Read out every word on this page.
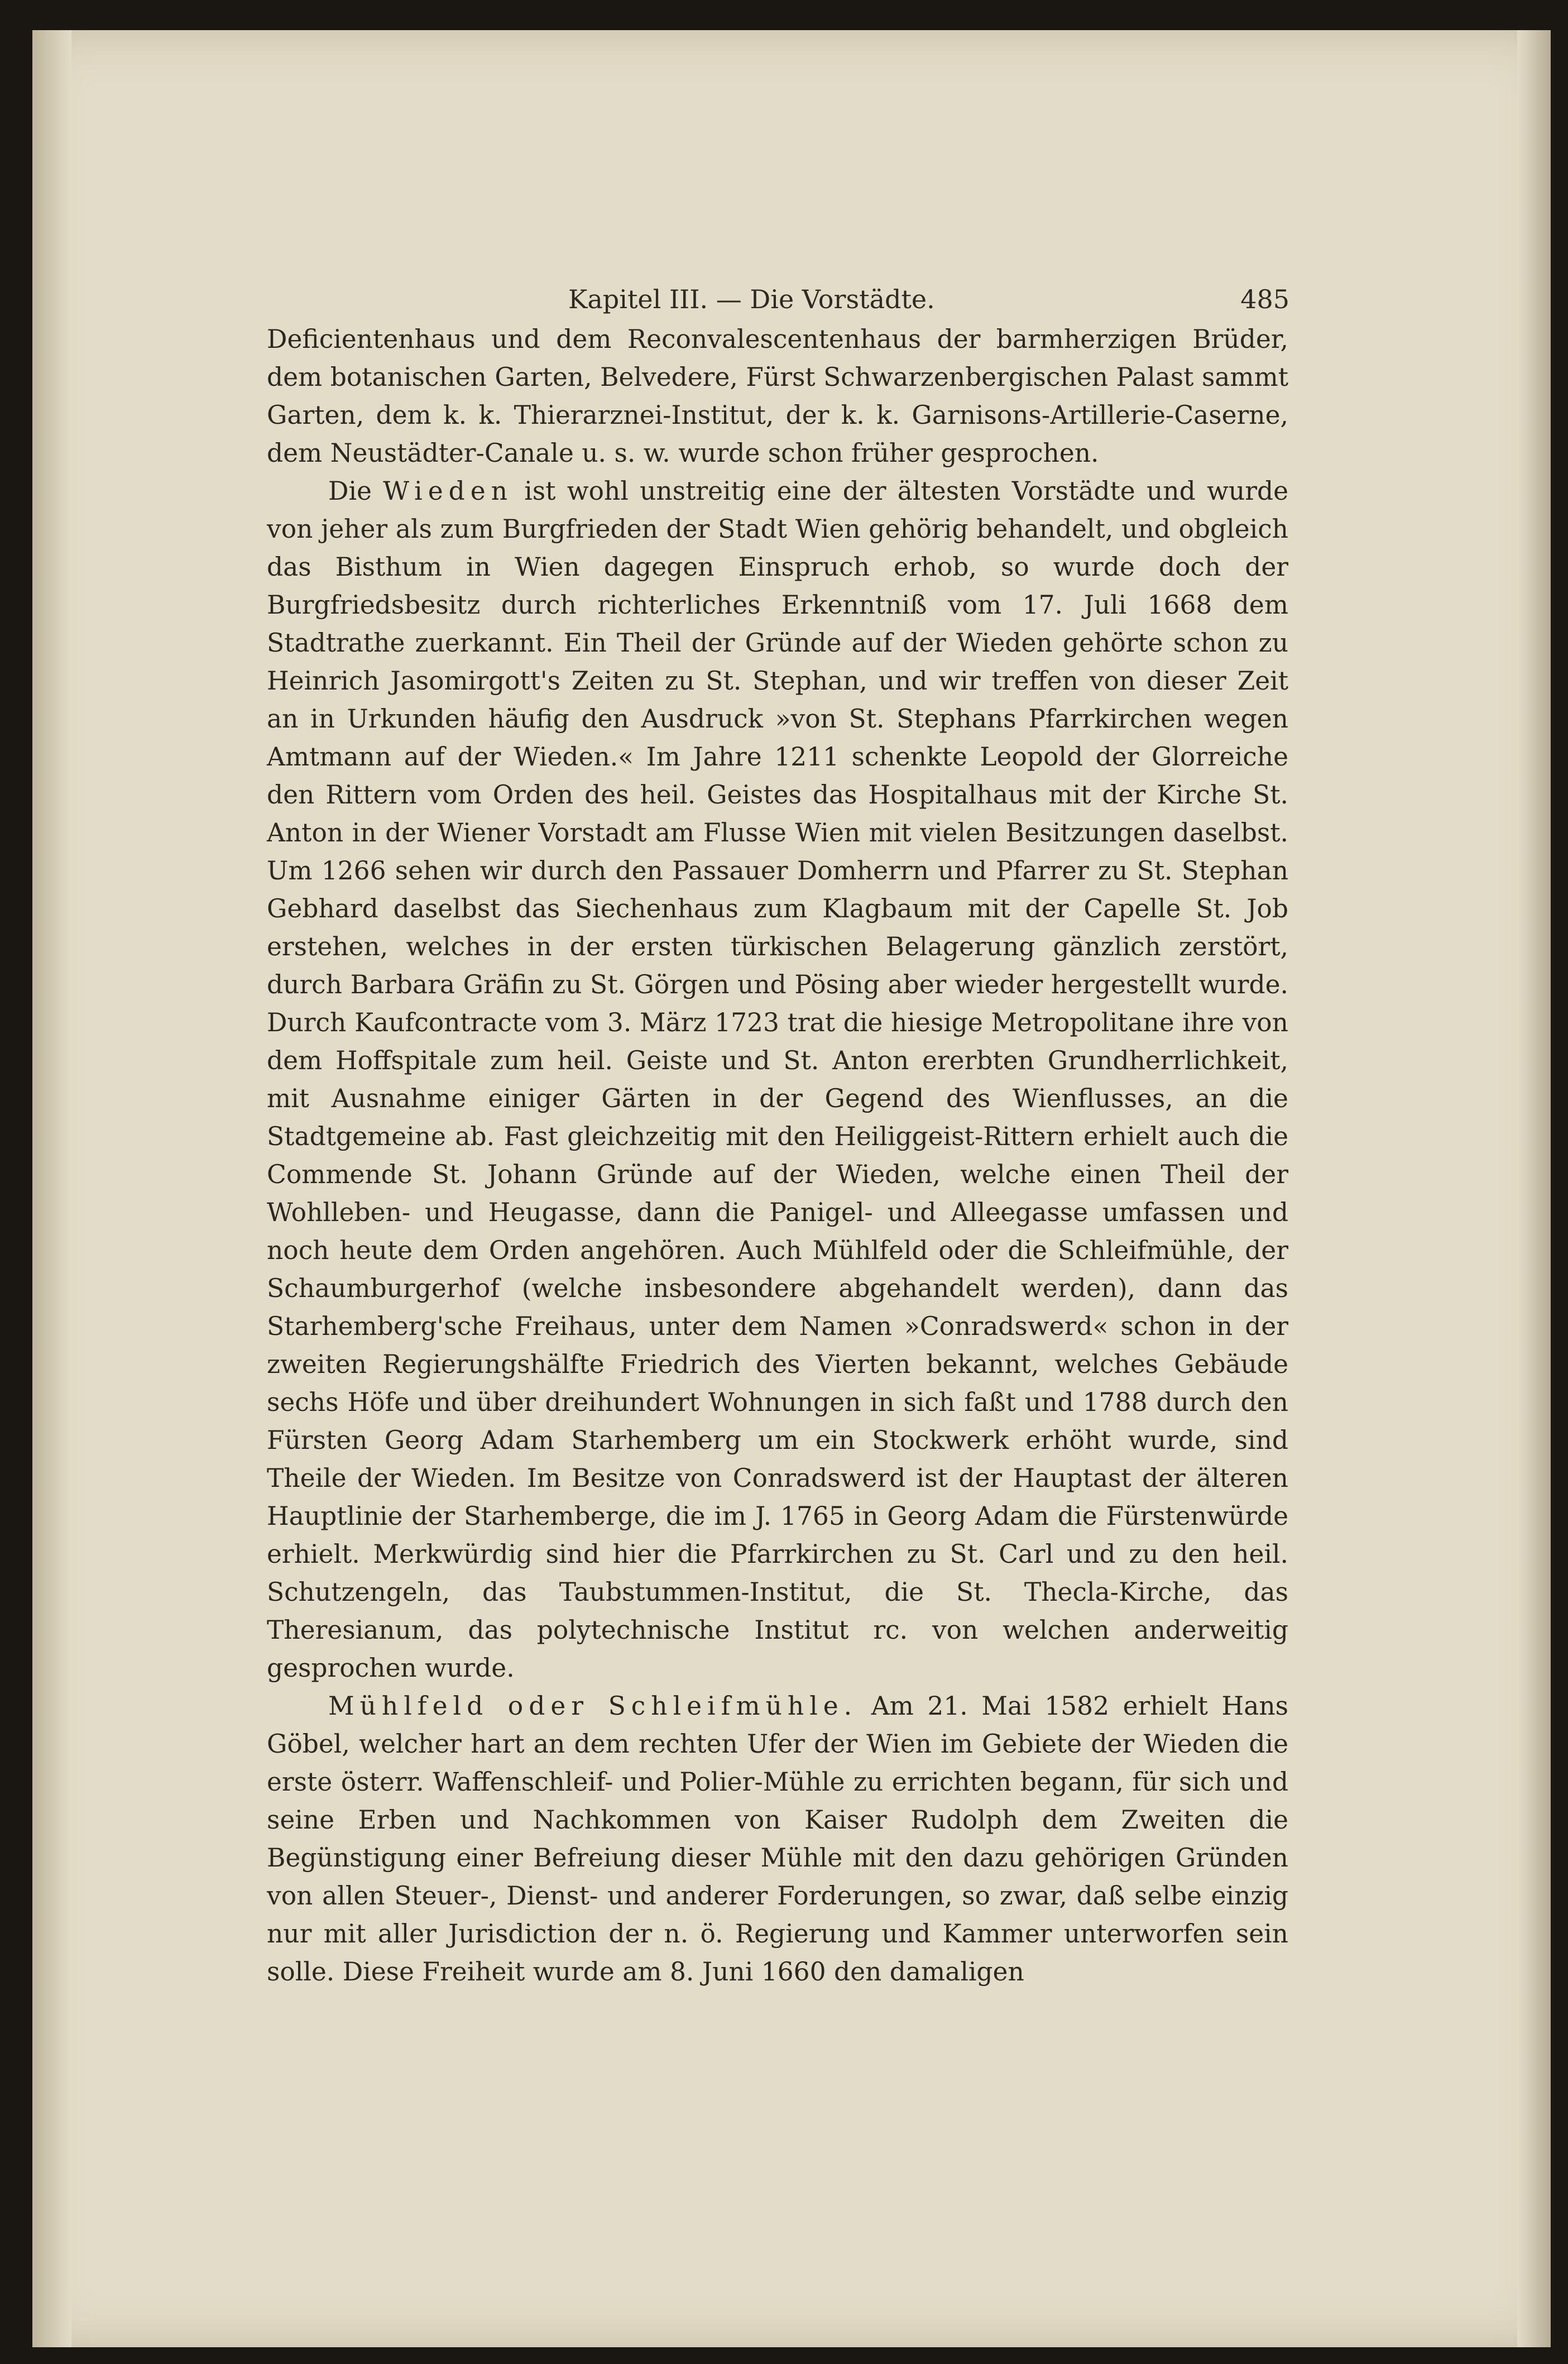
Kapitel III. — Die Vorstädte.	485

Deficientenhaus und dem Reconvalescentenhaus der barmherzigen Brüder, dem botanischen Garten, Belvedere, Fürst Schwarzenbergischen Palast sammt Garten, dem k. k. Thierarznei-Institut, der k. k. Garnisons-Artillerie-Caserne, dem Neustädter-Canale u. s. w. wurde schon früher gesprochen.

Die Wieden ist wohl unstreitig eine der ältesten Vorstädte und wurde von jeher als zum Burgfrieden der Stadt Wien gehörig behandelt, und obgleich das Bisthum in Wien dagegen Einspruch erhob, so wurde doch der Burgfriedsbesitz durch richterliches Erkenntniß vom 17. Juli 1668 dem Stadtrathe zuerkannt. Ein Theil der Gründe auf der Wieden gehörte schon zu Heinrich Jasomirgott's Zeiten zu St. Stephan, und wir treffen von dieser Zeit an in Urkunden häufig den Ausdruck »von St. Stephans Pfarrkirchen wegen Amtmann auf der Wieden.« Im Jahre 1211 schenkte Leopold der Glorreiche den Rittern vom Orden des heil. Geistes das Hospitalhaus mit der Kirche St. Anton in der Wiener Vorstadt am Flusse Wien mit vielen Besitzungen daselbst. Um 1266 sehen wir durch den Passauer Domherrn und Pfarrer zu St. Stephan Gebhard daselbst das Siechenhaus zum Klagbaum mit der Capelle St. Job erstehen, welches in der ersten türkischen Belagerung gänzlich zerstört, durch Barbara Gräfin zu St. Görgen und Pösing aber wieder hergestellt wurde. Durch Kaufcontracte vom 3. März 1723 trat die hiesige Metropolitane ihre von dem Hoffspitale zum heil. Geiste und St. Anton ererbten Grundherrlichkeit, mit Ausnahme einiger Gärten in der Gegend des Wienflusses, an die Stadtgemeine ab. Fast gleichzeitig mit den Heiliggeist-Rittern erhielt auch die Commende St. Johann Gründe auf der Wieden, welche einen Theil der Wohlleben- und Heugasse, dann die Panigel- und Alleegasse umfassen und noch heute dem Orden angehören. Auch Mühlfeld oder die Schleifmühle, der Schaumburgerhof (welche insbesondere abgehandelt werden), dann das Starhemberg'sche Freihaus, unter dem Namen »Conradswerd« schon in der zweiten Regierungshälfte Friedrich des Vierten bekannt, welches Gebäude sechs Höfe und über dreihundert Wohnungen in sich faßt und 1788 durch den Fürsten Georg Adam Starhemberg um ein Stockwerk erhöht wurde, sind Theile der Wieden. Im Besitze von Conradswerd ist der Hauptast der älteren Hauptlinie der Starhemberge, die im J. 1765 in Georg Adam die Fürstenwürde erhielt. Merkwürdig sind hier die Pfarrkirchen zu St. Carl und zu den heil. Schutzengeln, das Taubstummen-Institut, die St. Thecla-Kirche, das Theresianum, das polytechnische Institut rc. von welchen anderweitig gesprochen wurde.

Mühlfeld oder Schleifmühle. Am 21. Mai 1582 erhielt Hans Göbel, welcher hart an dem rechten Ufer der Wien im Gebiete der Wieden die erste österr. Waffenschleif- und Polier-Mühle zu errichten begann, für sich und seine Erben und Nachkommen von Kaiser Rudolph dem Zweiten die Begünstigung einer Befreiung dieser Mühle mit den dazu gehörigen Gründen von allen Steuer-, Dienst- und anderer Forderungen, so zwar, daß selbe einzig nur mit aller Jurisdiction der n. ö. Regierung und Kammer unterworfen sein solle. Diese Freiheit wurde am 8. Juni 1660 den damaligen
